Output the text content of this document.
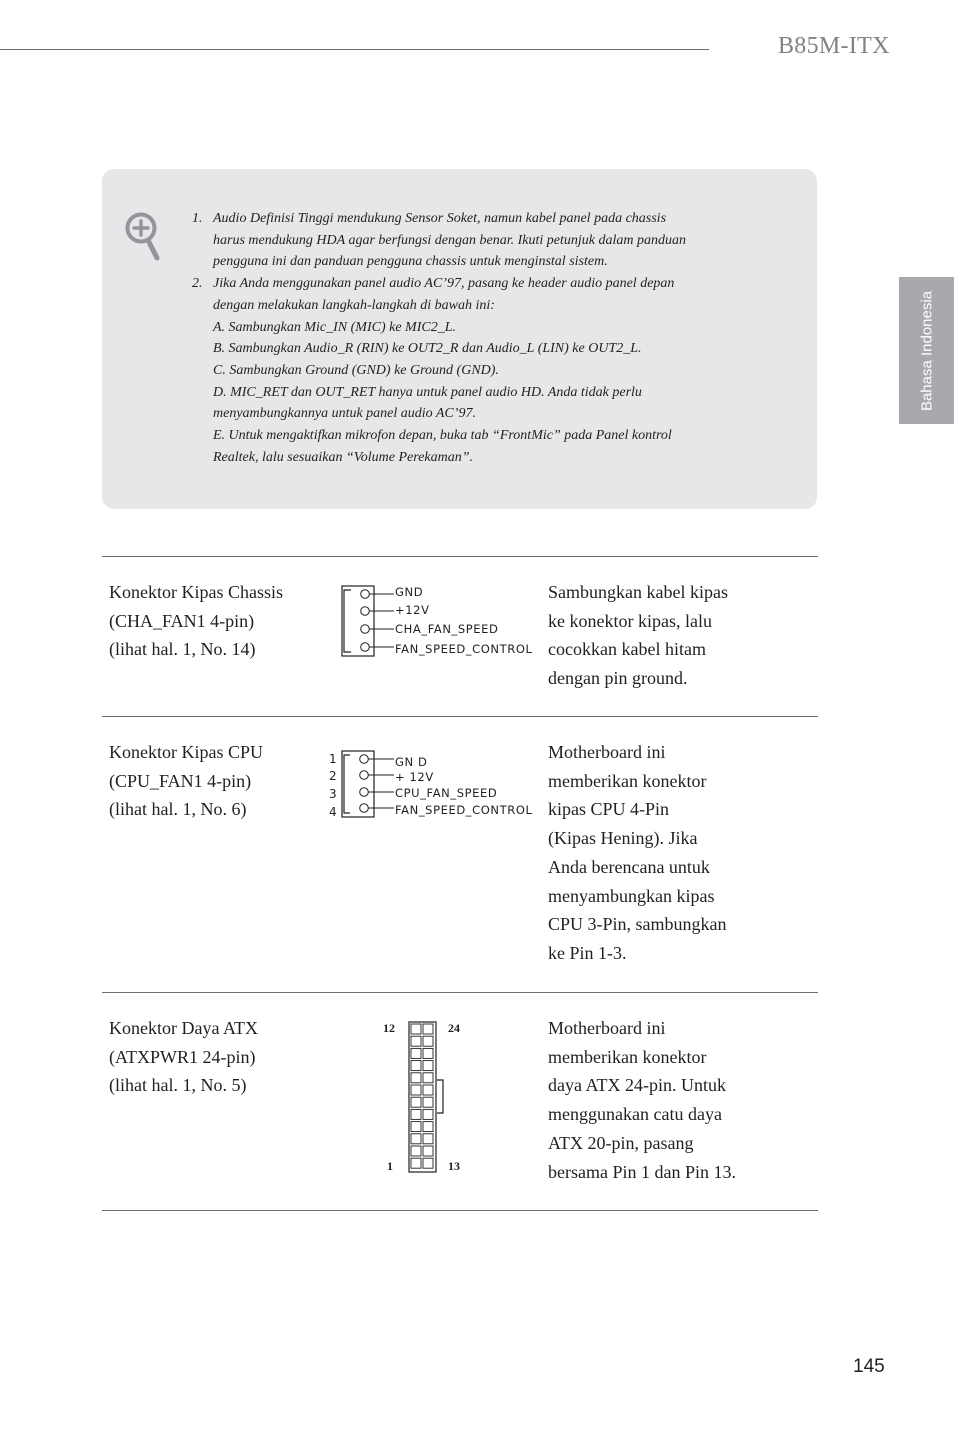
B85M-ITX
Bahasa Indonesia
1. Audio Definisi Tinggi mendukung Sensor Soket, namun kabel panel pada chassis
harus mendukung HDA agar berfungsi dengan benar. Ikuti petunjuk dalam panduan
pengguna ini dan panduan pengguna chassis untuk menginstal sistem.
2. Jika Anda menggunakan panel audio AC’97, pasang ke header audio panel depan
dengan melakukan langkah-langkah di bawah ini:
A. Sambungkan Mic_IN (MIC) ke MIC2_L.
B. Sambungkan Audio_R (RIN) ke OUT2_R dan Audio_L (LIN) ke OUT2_L.
C. Sambungkan Ground (GND) ke Ground (GND).
D. MIC_RET dan OUT_RET hanya untuk panel audio HD. Anda tidak perlu
menyambungkannya untuk panel audio AC’97.
E. Untuk mengaktifkan mikrofon depan, buka tab “FrontMic” pada Panel kontrol
Realtek, lalu sesuaikan “Volume Perekaman”.
Konektor Kipas Chassis
(CHA_FAN1 4-pin)
(lihat hal. 1, No. 14)
GND
+12V
CHA_FAN_SPEED
FAN_SPEED_CONTROL
Sambungkan kabel kipas
ke konektor kipas, lalu
cocokkan kabel hitam
dengan pin ground.
Konektor Kipas CPU
(CPU_FAN1 4-pin)
(lihat hal. 1, No. 6)
1
2
3
4
GN D
+ 12V
CPU_FAN_SPEED
FAN_SPEED_CONTROL
Motherboard ini
memberikan konektor
kipas CPU 4-Pin
(Kipas Hening). Jika
Anda berencana untuk
menyambungkan kipas
CPU 3-Pin, sambungkan
ke Pin 1-3.
Konektor Daya ATX
(ATXPWR1 24-pin)
(lihat hal. 1, No. 5)
12	24
1	13
Motherboard ini
memberikan konektor
daya ATX 24-pin. Untuk
menggunakan catu daya
ATX 20-pin, pasang
bersama Pin 1 dan Pin 13.
145
